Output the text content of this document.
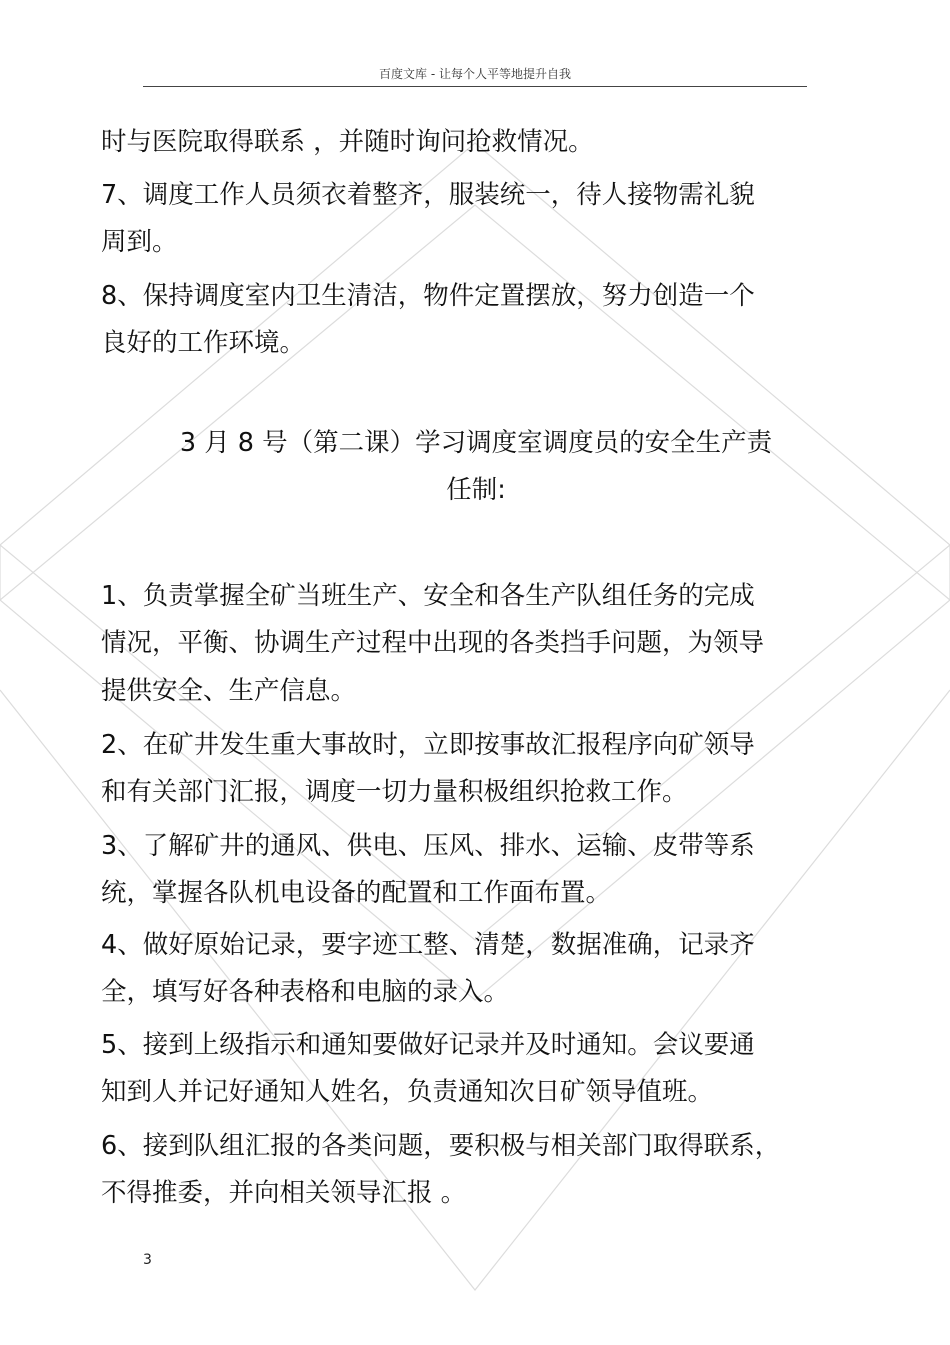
百度文库 - 让每个人平等地提升自我
时与医院取得联系 ，并随时询问抢救情况。
7、调度工作人员须衣着整齐，服装统一，待人接物需礼貌
周到。
8、保持调度室内卫生清洁，物件定置摆放，努力创造一个
良好的工作环境。
3 月 8 号（第二课）学习调度室调度员的安全生产责
任制:
1、负责掌握全矿当班生产、安全和各生产队组任务的完成
情况，平衡、协调生产过程中出现的各类挡手问题，为领导
提供安全、生产信息。
2、在矿井发生重大事故时，立即按事故汇报程序向矿领导
和有关部门汇报，调度一切力量积极组织抢救工作。
3、了解矿井的通风、供电、压风、排水、运输、皮带等系
统，掌握各队机电设备的配置和工作面布置。
4、做好原始记录，要字迹工整、清楚，数据准确，记录齐
全，填写好各种表格和电脑的录入。
5、接到上级指示和通知要做好记录并及时通知。会议要通
知到人并记好通知人姓名，负责通知次日矿领导值班。
6、接到队组汇报的各类问题，要积极与相关部门取得联系，
不得推委，并向相关领导汇报 。
3
